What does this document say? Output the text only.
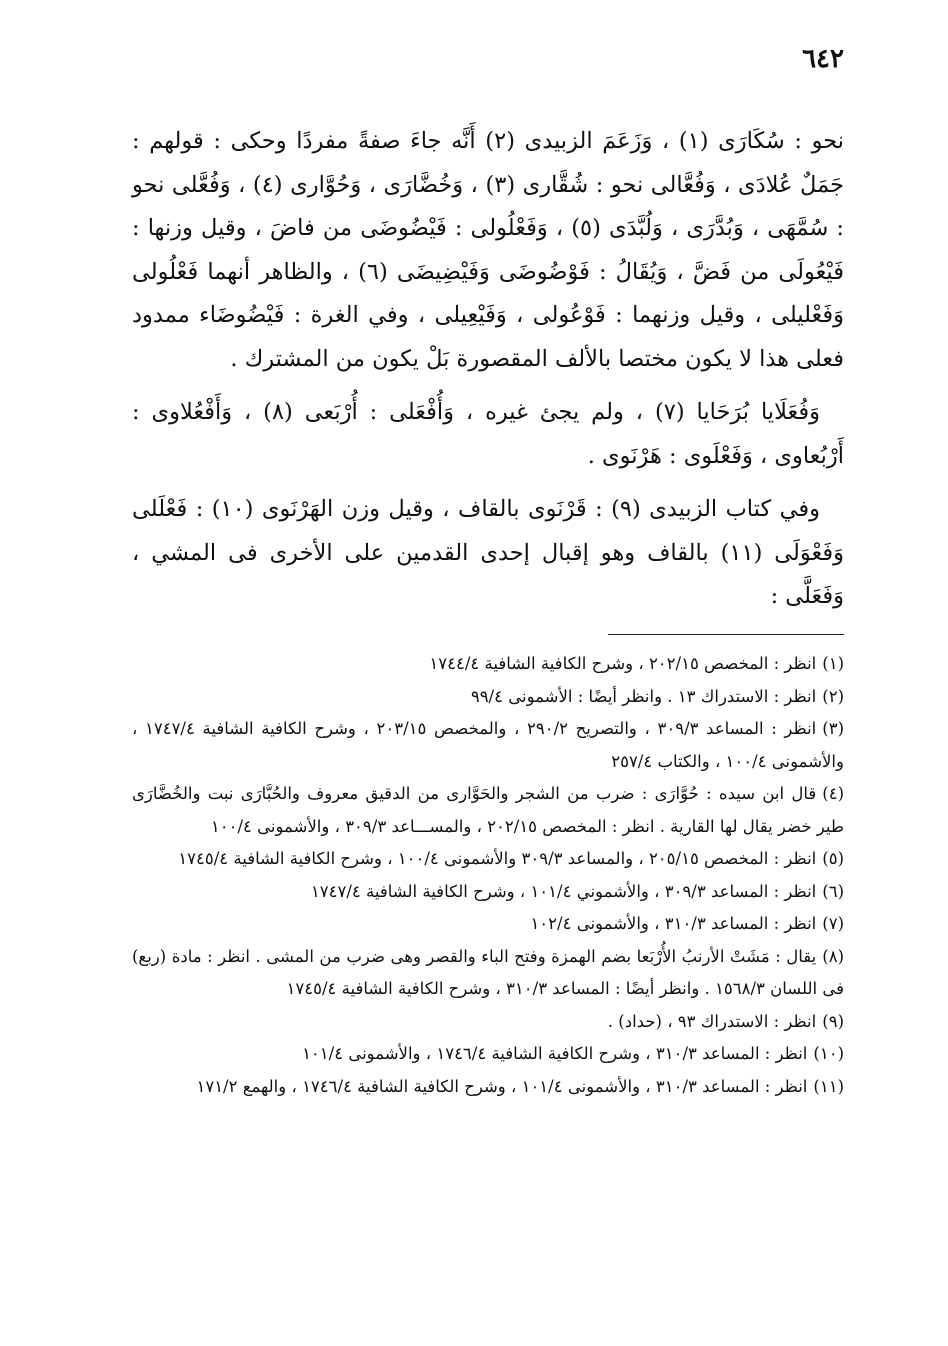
٦٤٢

نحو : سُكَارَى (١) ، وَزَعَمَ الزبيدى (٢) أَنَّه جاءَ صفةً مفردًا وحكى : قولهم : جَمَلٌ عُلادَى ، وَفُعَّالى نحو : شُقَّارى (٣) ، وَخُضَّارَى ، وَحُوَّارى (٤) ، وَفُعَّلى نحو : سُمَّهَى ، وَبُدَّرَى ، وَلُبَّدَى (٥) ، وَفَعْلُولى : فَيْضُوضَى من فاضَ ، وقيل وزنها : فَيْعُولَى من فَضَّ ، وَيُقَالُ : فَوْضُوضَى وَفَيْضِيضَى (٦) ، والظاهر أنهما فَعْلُولى وَفَعْليلى ، وقيل وزنهما : فَوْعُولى ، وَفَيْعِيلى ، وفي الغرة : فَيْضُوضَاء ممدود فعلى هذا لا يكون مختصا بالألف المقصورة بَلْ يكون من المشترك .

وَفُعَلَايا بُرَحَايا (٧) ، ولم يجئ غيره ، وَأُفْعَلى : أُرْبَعى (٨) ، وَأَفْعُلاوى : أَرْبُعاوى ، وَفَعْلَوى : هَرْنَوى .

وفي كتاب الزبيدى (٩) : قَرْنَوى بالقاف ، وقيل وزن الهَرْنَوى (١٠) : فَعْلَلى وَفَعْوَلَى (١١) بالقاف وهو إقبال إحدى القدمين على الأخرى فى المشي ، وَفَعَلَّى :

(١)انظر : المخصص ٢٠٢/١٥ ، وشرح الكافية الشافية ١٧٤٤/٤

(٢)انظر : الاستدراك ١٣ . وانظر أيضًا : الأشمونى ٩٩/٤

(٣)انظر : المساعد ٣٠٩/٣ ، والتصريح ٢٩٠/٢ ، والمخصص ٢٠٣/١٥ ، وشرح الكافية الشافية ١٧٤٧/٤ ، والأشمونى ١٠٠/٤ ، والكتاب ٢٥٧/٤

(٤)قال ابن سيده : حُوَّارَى : ضرب من الشجر والحَوَّارى من الدقيق معروف والحُبَّارَى نبت والخُضَّارَى طير خضر يقال لها القارية . انظر : المخصص ٢٠٢/١٥ ، والمســـاعد ٣٠٩/٣ ، والأشمونى ١٠٠/٤

(٥)انظر : المخصص ٢٠٥/١٥ ، والمساعد ٣٠٩/٣ والأشمونى ١٠٠/٤ ، وشرح الكافية الشافية ١٧٤٥/٤

(٦)انظر : المساعد ٣٠٩/٣ ، والأشموني ١٠١/٤ ، وشرح الكافية الشافية ١٧٤٧/٤

(٧)انظر : المساعد ٣١٠/٣ ، والأشمونى ١٠٢/٤

(٨)يقال : مَشَتْ الأرنبُ الأُرْبَعا بضم الهمزة وفتح الباء والقصر وهى ضرب من المشى . انظر : مادة (ربع) فى اللسان ١٥٦٨/٣ . وانظر أيضًا : المساعد ٣١٠/٣ ، وشرح الكافية الشافية ١٧٤٥/٤

(٩)انظر : الاستدراك ٩٣ ، (حداد) .

(١٠)انظر : المساعد ٣١٠/٣ ، وشرح الكافية الشافية ١٧٤٦/٤ ، والأشمونى ١٠١/٤

(١١)انظر : المساعد ٣١٠/٣ ، والأشمونى ١٠١/٤ ، وشرح الكافية الشافية ١٧٤٦/٤ ، والهمع ١٧١/٢
